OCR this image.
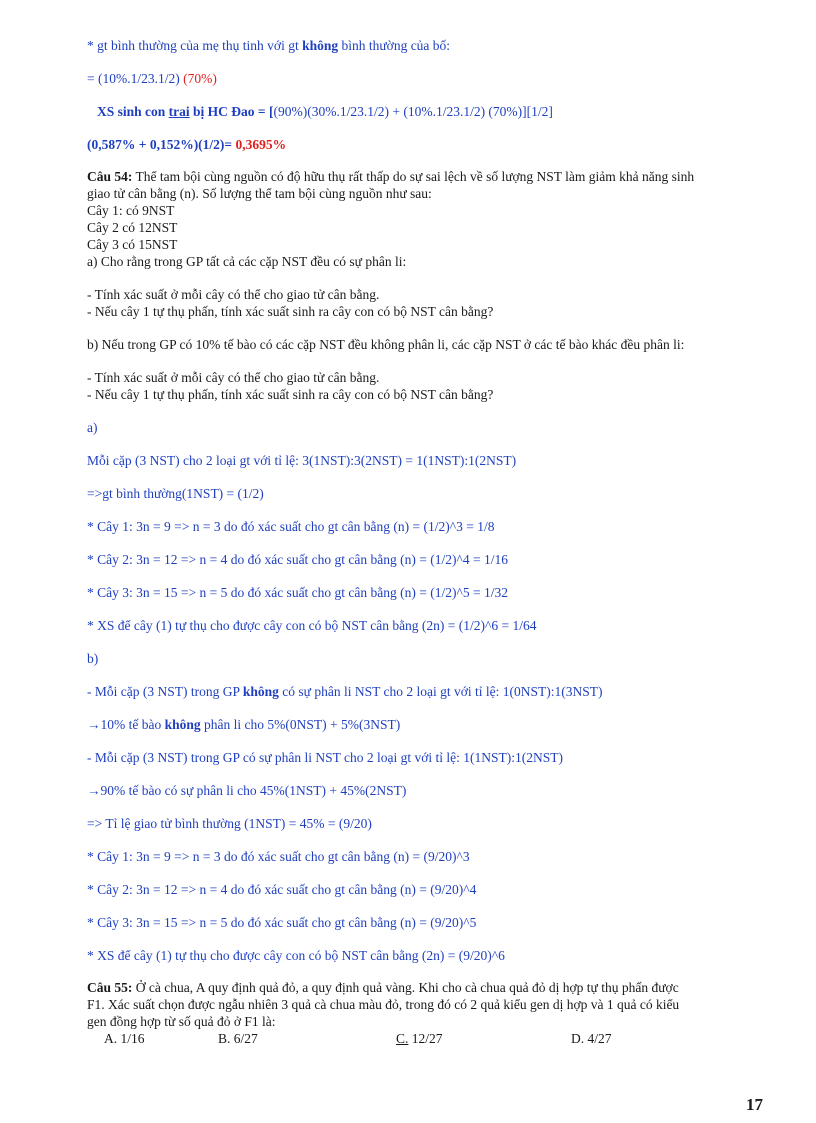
* gt bình thường của mẹ thụ tinh với gt không bình thường của bố:
= (10%.1/23.1/2) (70%)
XS sinh con trai bị HC Đao = [(90%)(30%.1/23.1/2) + (10%.1/23.1/2) (70%)][1/2]
(0,587% + 0,152%)(1/2)= 0,3695%
Câu 54: Thể tam bội cùng nguồn có độ hữu thụ rất thấp do sự sai lệch về số lượng NST làm giảm khả năng sinh
giao tử cân bằng (n). Số lượng thể tam bội cùng nguồn như sau:
Cây 1: có 9NST
Cây 2 có 12NST
Cây 3 có 15NST
a) Cho rằng trong GP tất cả các cặp NST đều có sự phân li:
- Tính xác suất ở mỗi cây có thể cho giao tử cân bằng.
- Nếu cây 1 tự thụ phấn, tính xác suất sinh ra cây con có bộ NST cân bằng?
b) Nếu trong GP có 10% tế bào có các cặp NST đều không phân li, các cặp NST ở các tế bào khác đều phân li:
- Tính xác suất ở mỗi cây có thể cho giao tử cân bằng.
- Nếu cây 1 tự thụ phấn, tính xác suất sinh ra cây con có bộ NST cân bằng?
a)
Mỗi cặp (3 NST) cho 2 loại gt với tỉ lệ: 3(1NST):3(2NST) = 1(1NST):1(2NST)
=>gt bình thường(1NST) = (1/2)
* Cây 1: 3n = 9 => n = 3 do đó xác suất cho gt cân bằng (n) = (1/2)^3 = 1/8
* Cây 2: 3n = 12 => n = 4 do đó xác suất cho gt cân bằng (n) = (1/2)^4 = 1/16
* Cây 3: 3n = 15 => n = 5 do đó xác suất cho gt cân bằng (n) = (1/2)^5 = 1/32
* XS để cây (1) tự thụ cho được cây con có bộ NST cân bằng (2n) = (1/2)^6 = 1/64
b)
- Mỗi cặp (3 NST) trong GP không có sự phân li NST cho 2 loại gt với tỉ lệ: 1(0NST):1(3NST)
→10% tế bào không phân li cho 5%(0NST) + 5%(3NST)
- Mỗi cặp (3 NST) trong GP có sự phân li NST cho 2 loại gt với tỉ lệ: 1(1NST):1(2NST)
→90% tế bào có sự phân li cho 45%(1NST) + 45%(2NST)
=> Tỉ lệ giao tử bình thường (1NST) = 45% = (9/20)
* Cây 1: 3n = 9 => n = 3 do đó xác suất cho gt cân bằng (n) = (9/20)^3
* Cây 2: 3n = 12 => n = 4 do đó xác suất cho gt cân bằng (n) = (9/20)^4
* Cây 3: 3n = 15 => n = 5 do đó xác suất cho gt cân bằng (n) = (9/20)^5
* XS để cây (1) tự thụ cho được cây con có bộ NST cân bằng (2n) = (9/20)^6
Câu 55: Ở cà chua, A quy định quả đỏ, a quy định quả vàng. Khi cho cà chua quả đỏ dị hợp tự thụ phấn được
F1. Xác suất chọn được ngẫu nhiên 3 quả cà chua màu đỏ, trong đó có 2 quả kiểu gen dị hợp và 1 quả có kiểu
gen đồng hợp từ số quả đỏ ở F1 là:
A. 1/16	B. 6/27	C. 12/27	D. 4/27
17
